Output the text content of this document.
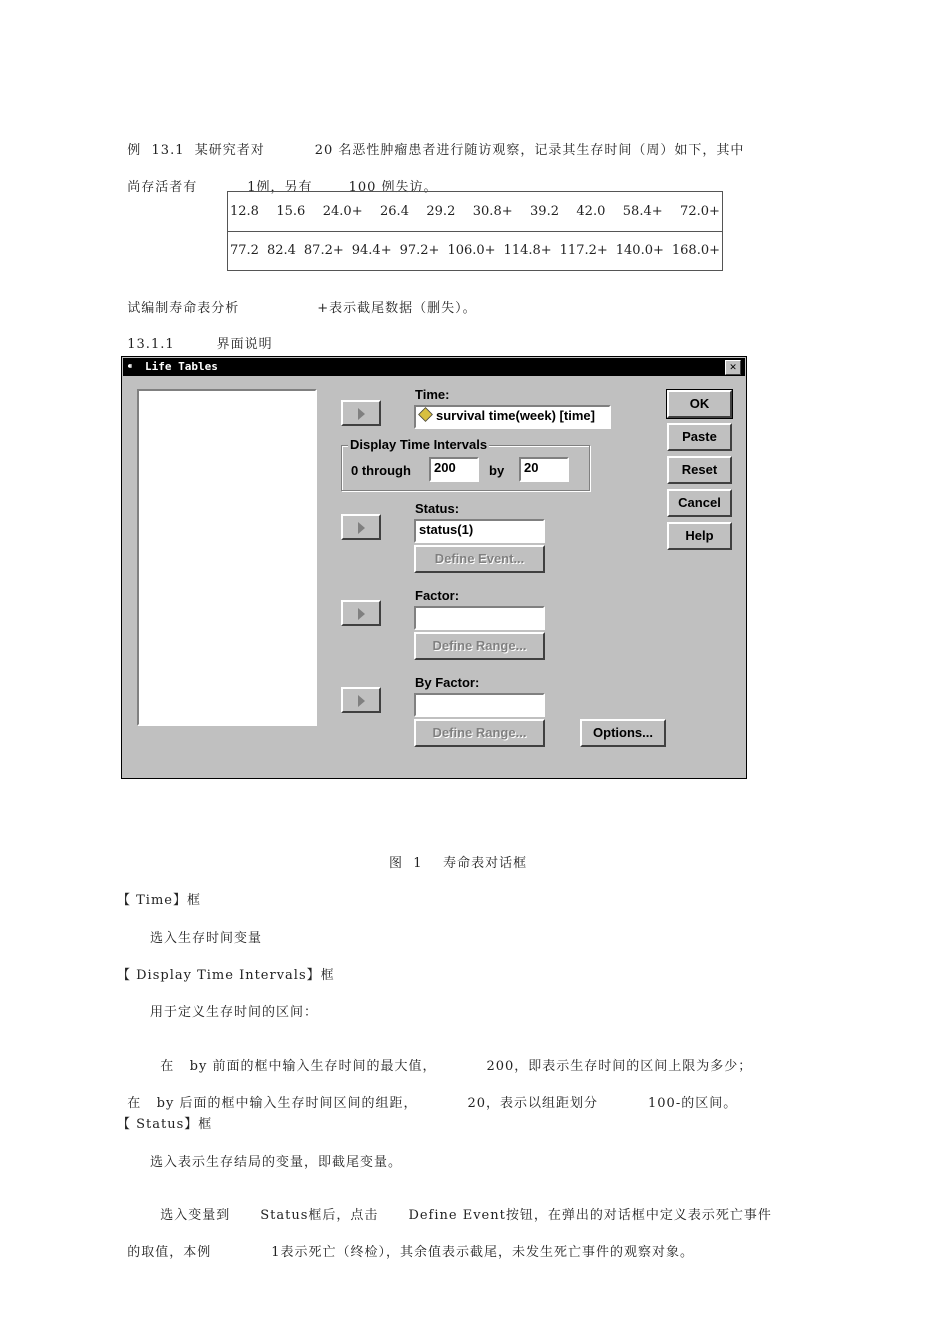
例  13.1  某研究者对	20 名恶性肿瘤患者进行随访观察，记录其生存时间（周）如下，其中

尚存活者有	1例，另有	100 例失访。

12.8 15.6 24.0+ 26.4 29.2 30.8+ 39.2 42.0 58.4+ 72.0+

77.2 82.4 87.2+ 94.4+ 97.2+ 106.0+ 114.8+ 117.2+ 140.0+ 168.0+

试编制寿命表分析	+表示截尾数据（删失）。

13.1.1	界面说明

⁌ Life Tables	✕
Time:
survival time(week) [time]
Display Time Intervals
0 through 200	by 20
Status:
status(1)
Define Event...
Factor:
Define Range...
By Factor:
Define Range...
OK
Paste
Reset
Cancel
Help
Options...
图  1    寿命表对话框
【 Time】框
选入生存时间变量
【 Display Time Intervals】框
用于定义生存时间的区间：

在   by 前面的框中输入生存时间的最大值，	200，即表示生存时间的区间上限为多少；

在   by 后面的框中输入生存时间区间的组距，	20，表示以组距划分	100-的区间。

【 Status】框
选入表示生存结局的变量，即截尾变量。

选入变量到 Status框后，点击 Define Event按钮，在弹出的对话框中定义表示死亡事件

的取值，本例	1表示死亡（终检），其余值表示截尾，未发生死亡事件的观察对象。
